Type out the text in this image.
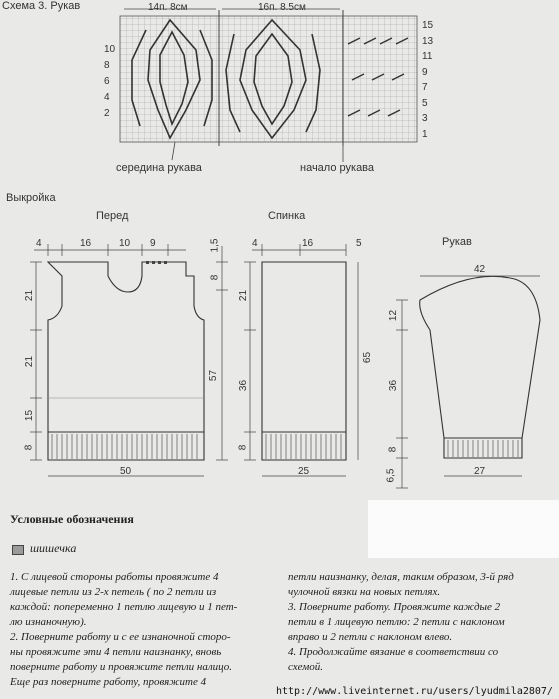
Схема 3. Рукав	14п. 8см	16п. 8.5см
15
13
11
9
7
5
3
1
10
8
6
4
2
середина рукава	начало рукава
Выкройка
Перед	Спинка
Рукав
4	16	10 9
21
21
15
8
1,5
8
57
50
4	16	5
21
36
8
65
25
42
12
36
8
6,5	27
Условные обозначения
шишечка
1. С лицевой стороны работы провяжите 4
лицевые петли из 2-х петель ( по 2 петли из
каждой: попеременно 1 петлю лицевую и 1 пет-
лю изнаночную).
2. Поверните работу и с ее изнаночной сторо-
ны провяжите эти 4 петли наизнанку, вновь
поверните работу и провяжите петли налицо.
Еще раз поверните работу, провяжите 4
петли наизнанку, делая, таким образом, 3-й ряд
чулочной вязки на новых петлях.
3. Поверните работу. Провяжите каждые 2
петли в 1 лицевую петлю: 2 петли с наклоном
вправо и 2 петли с наклоном влево.
4. Продолжайте вязание в соответствии со
схемой.
http://www.liveinternet.ru/users/lyudmila2807/
